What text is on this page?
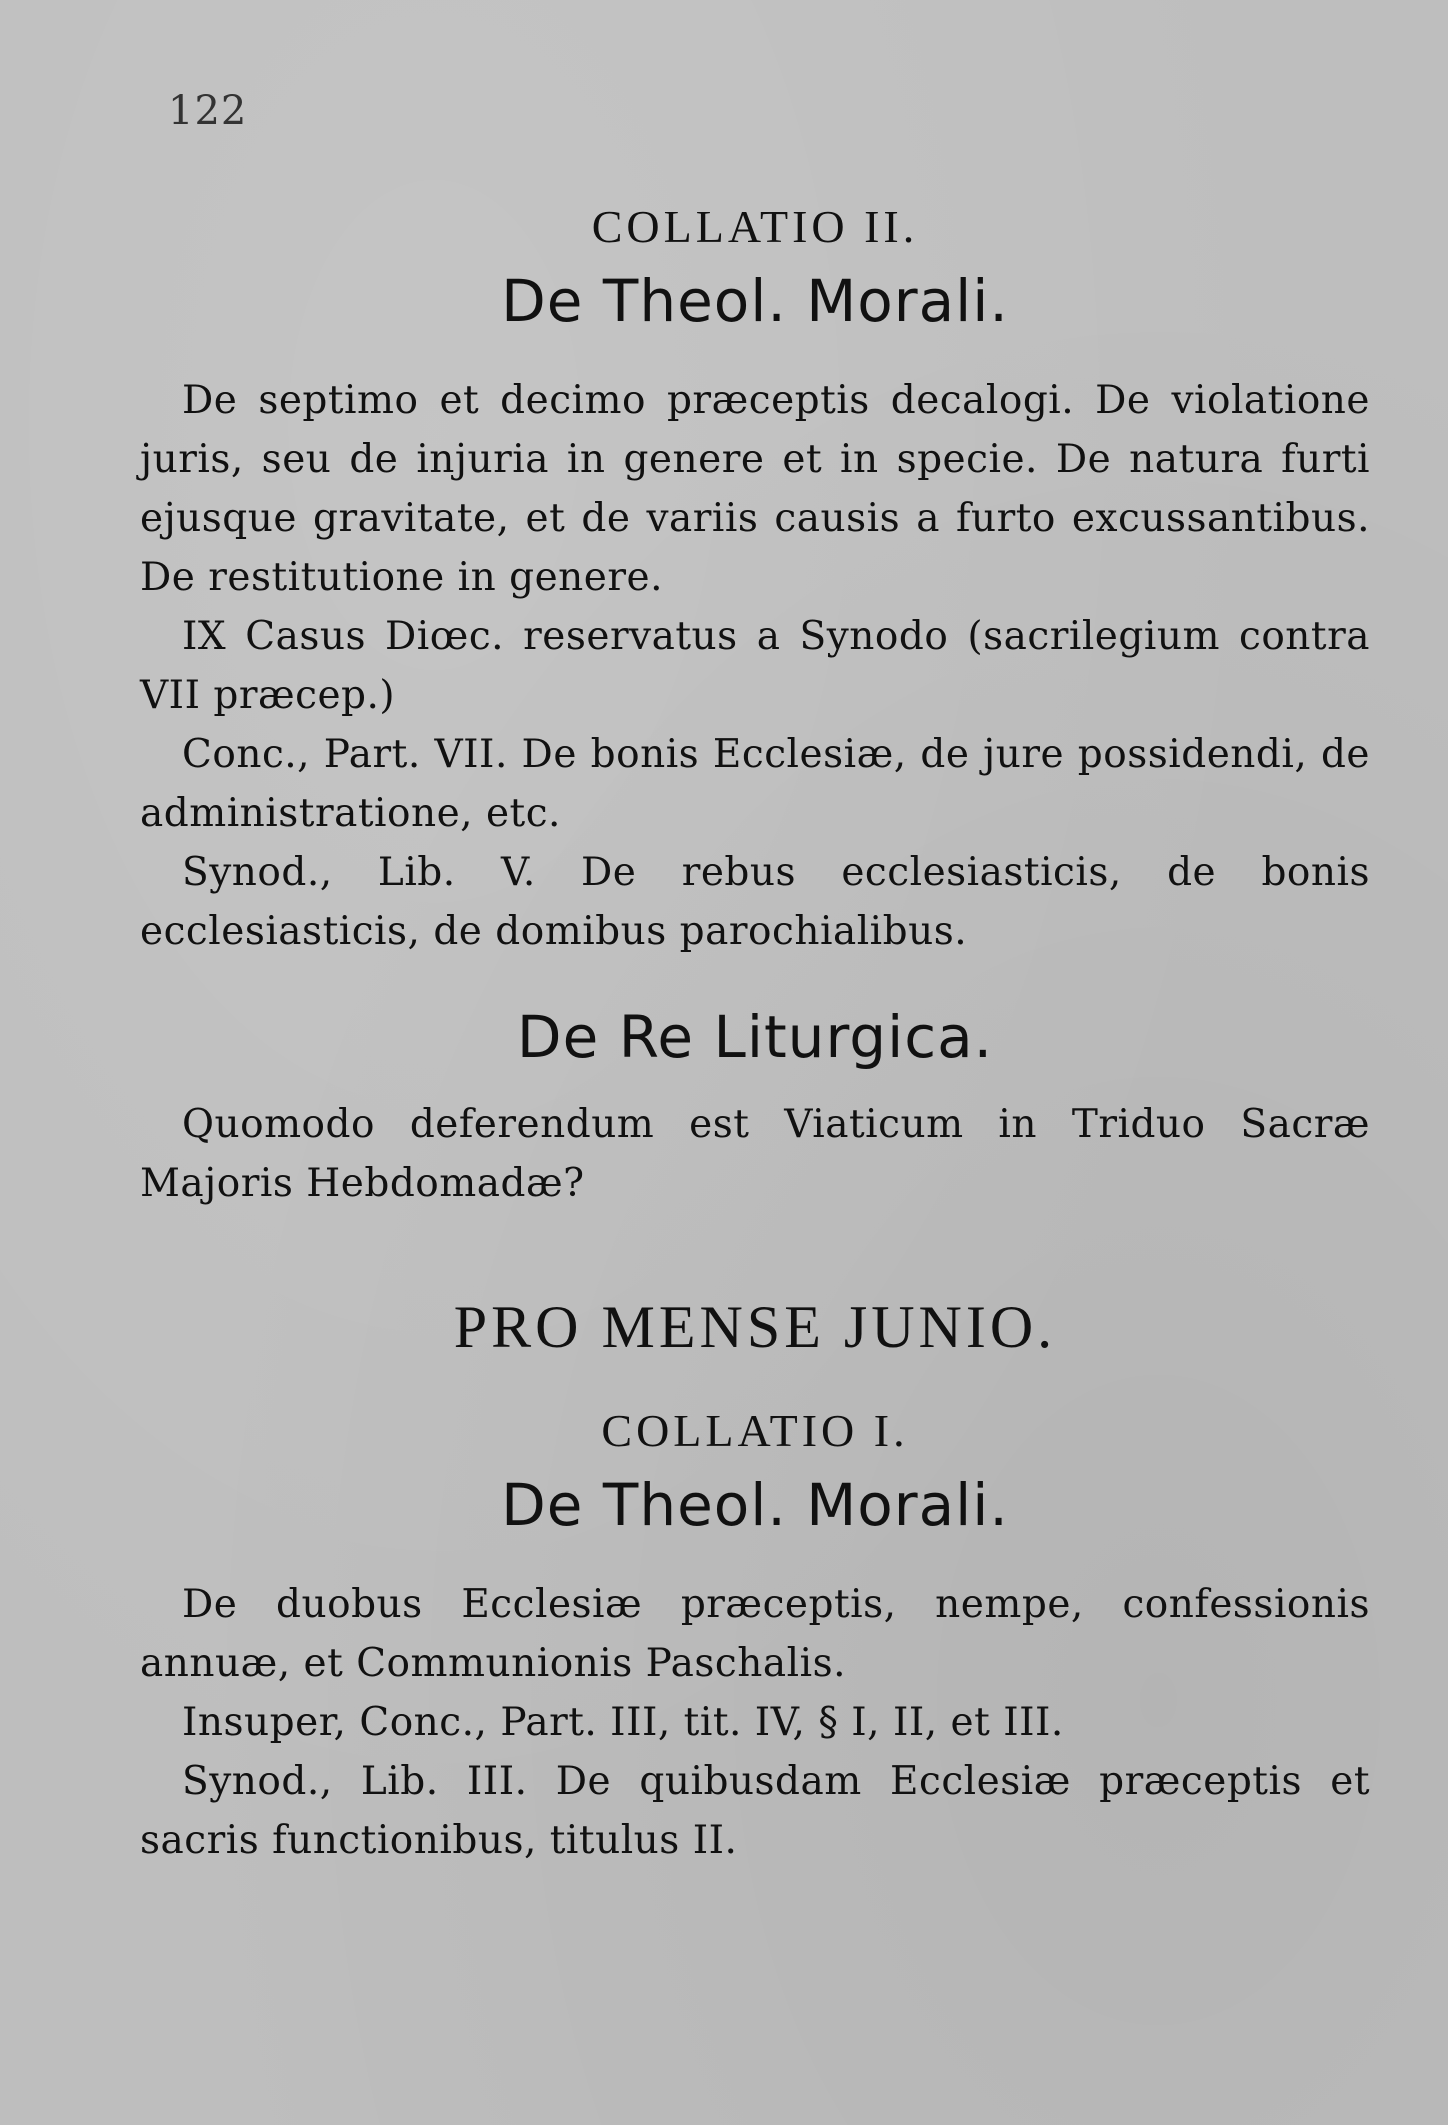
122

COLLATIO II.

De Theol. Morali.

De septimo et decimo præceptis decalogi. De violatione juris, seu de injuria in genere et in specie. De natura furti ejusque gravitate, et de variis causis a furto excussantibus. De restitutione in genere.

IX Casus Diœc. reservatus a Synodo (sacrilegium contra VII præcep.)

Conc., Part. VII. De bonis Ecclesiæ, de jure possidendi, de administratione, etc.

Synod., Lib. V. De rebus ecclesiasticis, de bonis ecclesiasticis, de domibus parochialibus.

De Re Liturgica.

Quomodo deferendum est Viaticum in Triduo Sacræ Majoris Hebdomadæ?

PRO MENSE JUNIO.

COLLATIO I.

De Theol. Morali.

De duobus Ecclesiæ præceptis, nempe, confessionis annuæ, et Communionis Paschalis.

Insuper, Conc., Part. III, tit. IV, § I, II, et III.

Synod., Lib. III. De quibusdam Ecclesiæ præceptis et sacris functionibus, titulus II.
